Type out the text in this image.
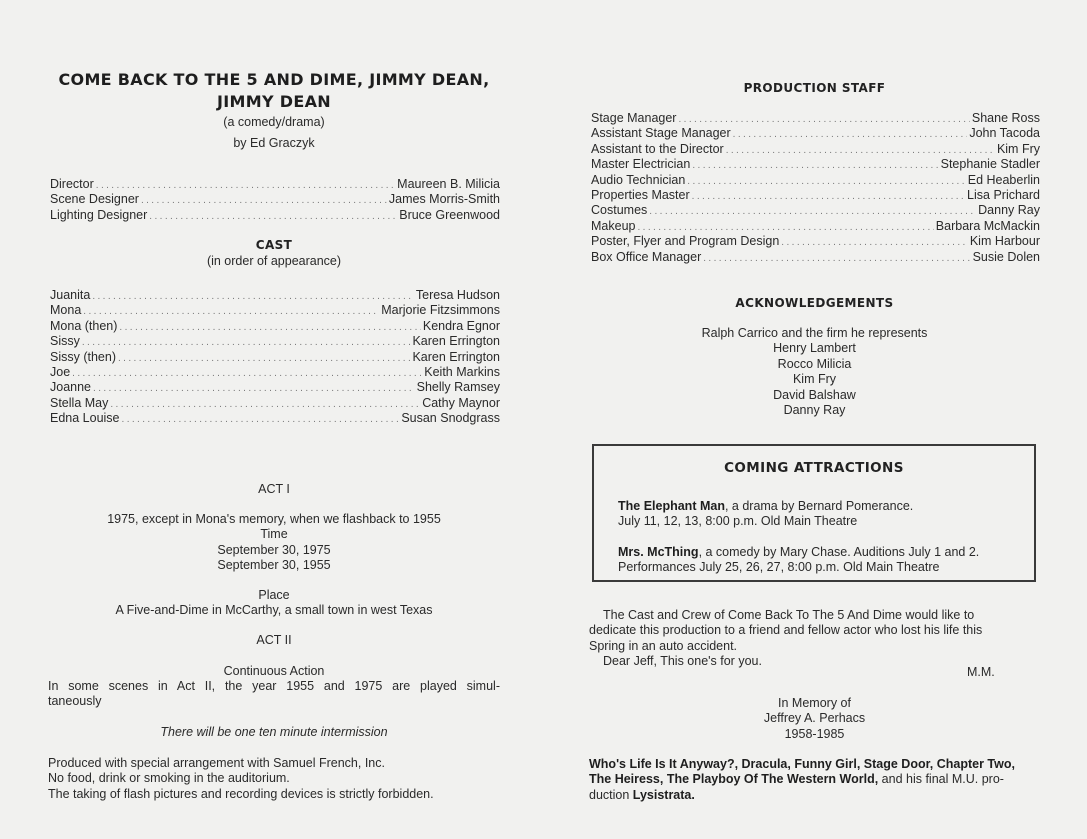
COME BACK TO THE 5 AND DIME, JIMMY DEAN,
JIMMY DEAN
(a comedy/drama)
by Ed Graczyk
Director .....	Maureen B. Milicia
Scene Designer .....	James Morris-Smith
Lighting Designer .....	Bruce Greenwood
CAST
(in order of appearance)
Juanita .....	Teresa Hudson
Mona .....	Marjorie Fitzsimmons
Mona (then) .....	Kendra Egnor
Sissy .....	Karen Errington
Sissy (then) .....	Karen Errington
Joe .....	Keith Markins
Joanne .....	Shelly Ramsey
Stella May .....	Cathy Maynor
Edna Louise .....	Susan Snodgrass
ACT I
1975, except in Mona's memory, when we flashback to 1955
Time
September 30, 1975
September 30, 1955
Place
A Five-and-Dime in McCarthy, a small town in west Texas
ACT II
Continuous Action
In some scenes in Act II, the year 1955 and 1975 are played simul-
taneously
There will be one ten minute intermission
Produced with special arrangement with Samuel French, Inc.
No food, drink or smoking in the auditorium.
The taking of flash pictures and recording devices is strictly forbidden.
PRODUCTION STAFF
Stage Manager .....	Shane Ross
Assistant Stage Manager .....	John Tacoda
Assistant to the Director .....	Kim Fry
Master Electrician .....	Stephanie Stadler
Audio Technician .....	Ed Heaberlin
Properties Master .....	Lisa Prichard
Costumes .....	Danny Ray
Makeup .....	Barbara McMackin
Poster, Flyer and Program Design .....	Kim Harbour
Box Office Manager .....	Susie Dolen
ACKNOWLEDGEMENTS
Ralph Carrico and the firm he represents
Henry Lambert
Rocco Milicia
Kim Fry
David Balshaw
Danny Ray
The Cast and Crew of Come Back To The 5 And Dime would like to
dedicate this production to a friend and fellow actor who lost his life this
Spring in an auto accident.
Dear Jeff, This one's for you.
M.M.
In Memory of
Jeffrey A. Perhacs
1958-1985
Who's Life Is It Anyway?, Dracula, Funny Girl, Stage Door, Chapter Two,
The Heiress, The Playboy Of The Western World, and his final M.U. pro-
duction Lysistrata.
COMING ATTRACTIONS
The Elephant Man, a drama by Bernard Pomerance.
July 11, 12, 13, 8:00 p.m. Old Main Theatre
Mrs. McThing, a comedy by Mary Chase. Auditions July 1 and 2.
Performances July 25, 26, 27, 8:00 p.m. Old Main Theatre
